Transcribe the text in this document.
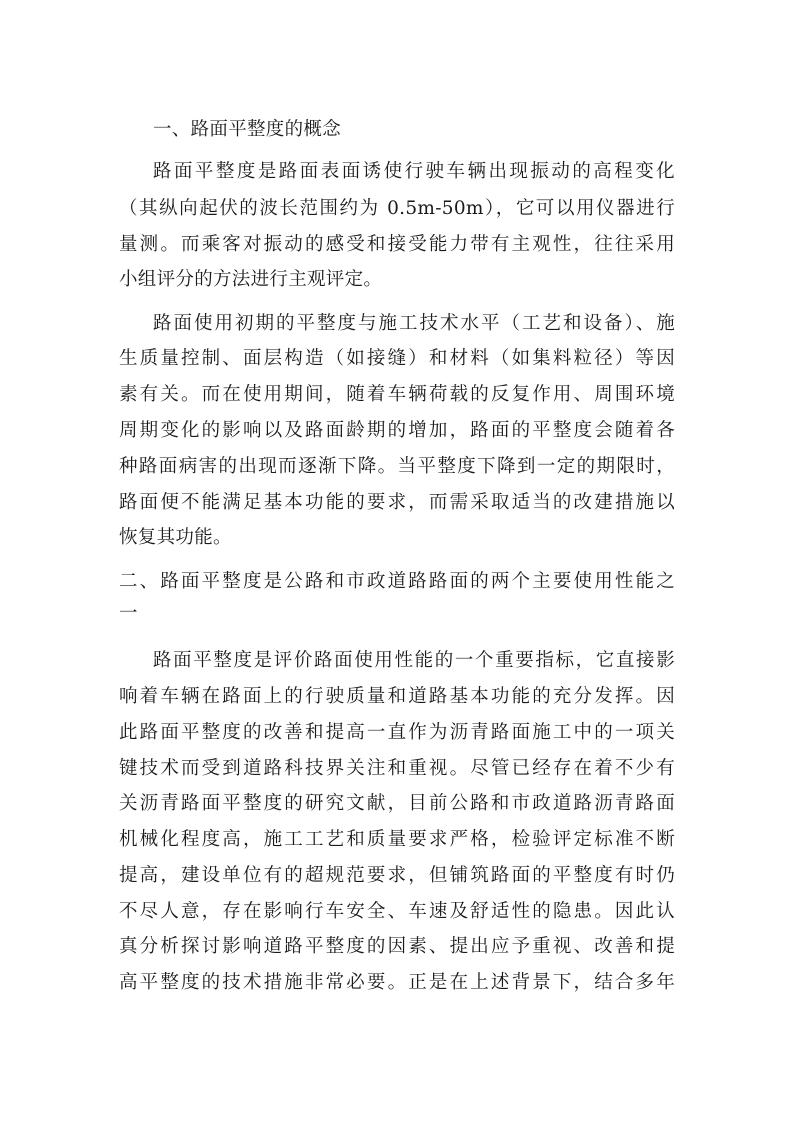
一、路面平整度的概念
路面平整度是路面表面诱使行驶车辆出现振动的高程变化
（其纵向起伏的波长范围约为 0.5m-50m），它可以用仪器进行
量测。而乘客对振动的感受和接受能力带有主观性，往往采用
小组评分的方法进行主观评定。
路面使用初期的平整度与施工技术水平（工艺和设备）、施
生质量控制、面层构造（如接缝）和材料（如集料粒径）等因
素有关。而在使用期间，随着车辆荷载的反复作用、周围环境
周期变化的影响以及路面龄期的增加，路面的平整度会随着各
种路面病害的出现而逐渐下降。当平整度下降到一定的期限时，
路面便不能满足基本功能的要求，而需采取适当的改建措施以
恢复其功能。
二、路面平整度是公路和市政道路路面的两个主要使用性能之
一
路面平整度是评价路面使用性能的一个重要指标，它直接影
响着车辆在路面上的行驶质量和道路基本功能的充分发挥。因
此路面平整度的改善和提高一直作为沥青路面施工中的一项关
键技术而受到道路科技界关注和重视。尽管已经存在着不少有
关沥青路面平整度的研究文献，目前公路和市政道路沥青路面
机械化程度高，施工工艺和质量要求严格，检验评定标准不断
提高，建设单位有的超规范要求，但铺筑路面的平整度有时仍
不尽人意，存在影响行车安全、车速及舒适性的隐患。因此认
真分析探讨影响道路平整度的因素、提出应予重视、改善和提
高平整度的技术措施非常必要。正是在上述背景下，结合多年
